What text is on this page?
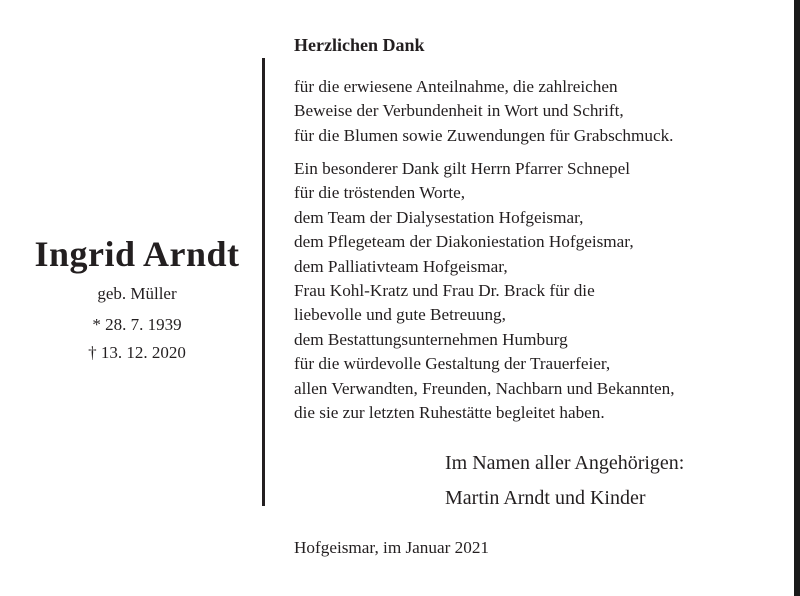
Ingrid Arndt
geb. Müller
* 28. 7. 1939
† 13. 12. 2020
Herzlichen Dank
für die erwiesene Anteilnahme, die zahlreichen
Beweise der Verbundenheit in Wort und Schrift,
für die Blumen sowie Zuwendungen für Grabschmuck.
Ein besonderer Dank gilt Herrn Pfarrer Schnepel
für die tröstenden Worte,
dem Team der Dialysestation Hofgeismar,
dem Pflegeteam der Diakoniestation Hofgeismar,
dem Palliativteam Hofgeismar,
Frau Kohl-Kratz und Frau Dr. Brack für die
liebevolle und gute Betreuung,
dem Bestattungsunternehmen Humburg
für die würdevolle Gestaltung der Trauerfeier,
allen Verwandten, Freunden, Nachbarn und Bekannten,
die sie zur letzten Ruhestätte begleitet haben.
Im Namen aller Angehörigen:
Martin Arndt und Kinder
Hofgeismar, im Januar 2021
